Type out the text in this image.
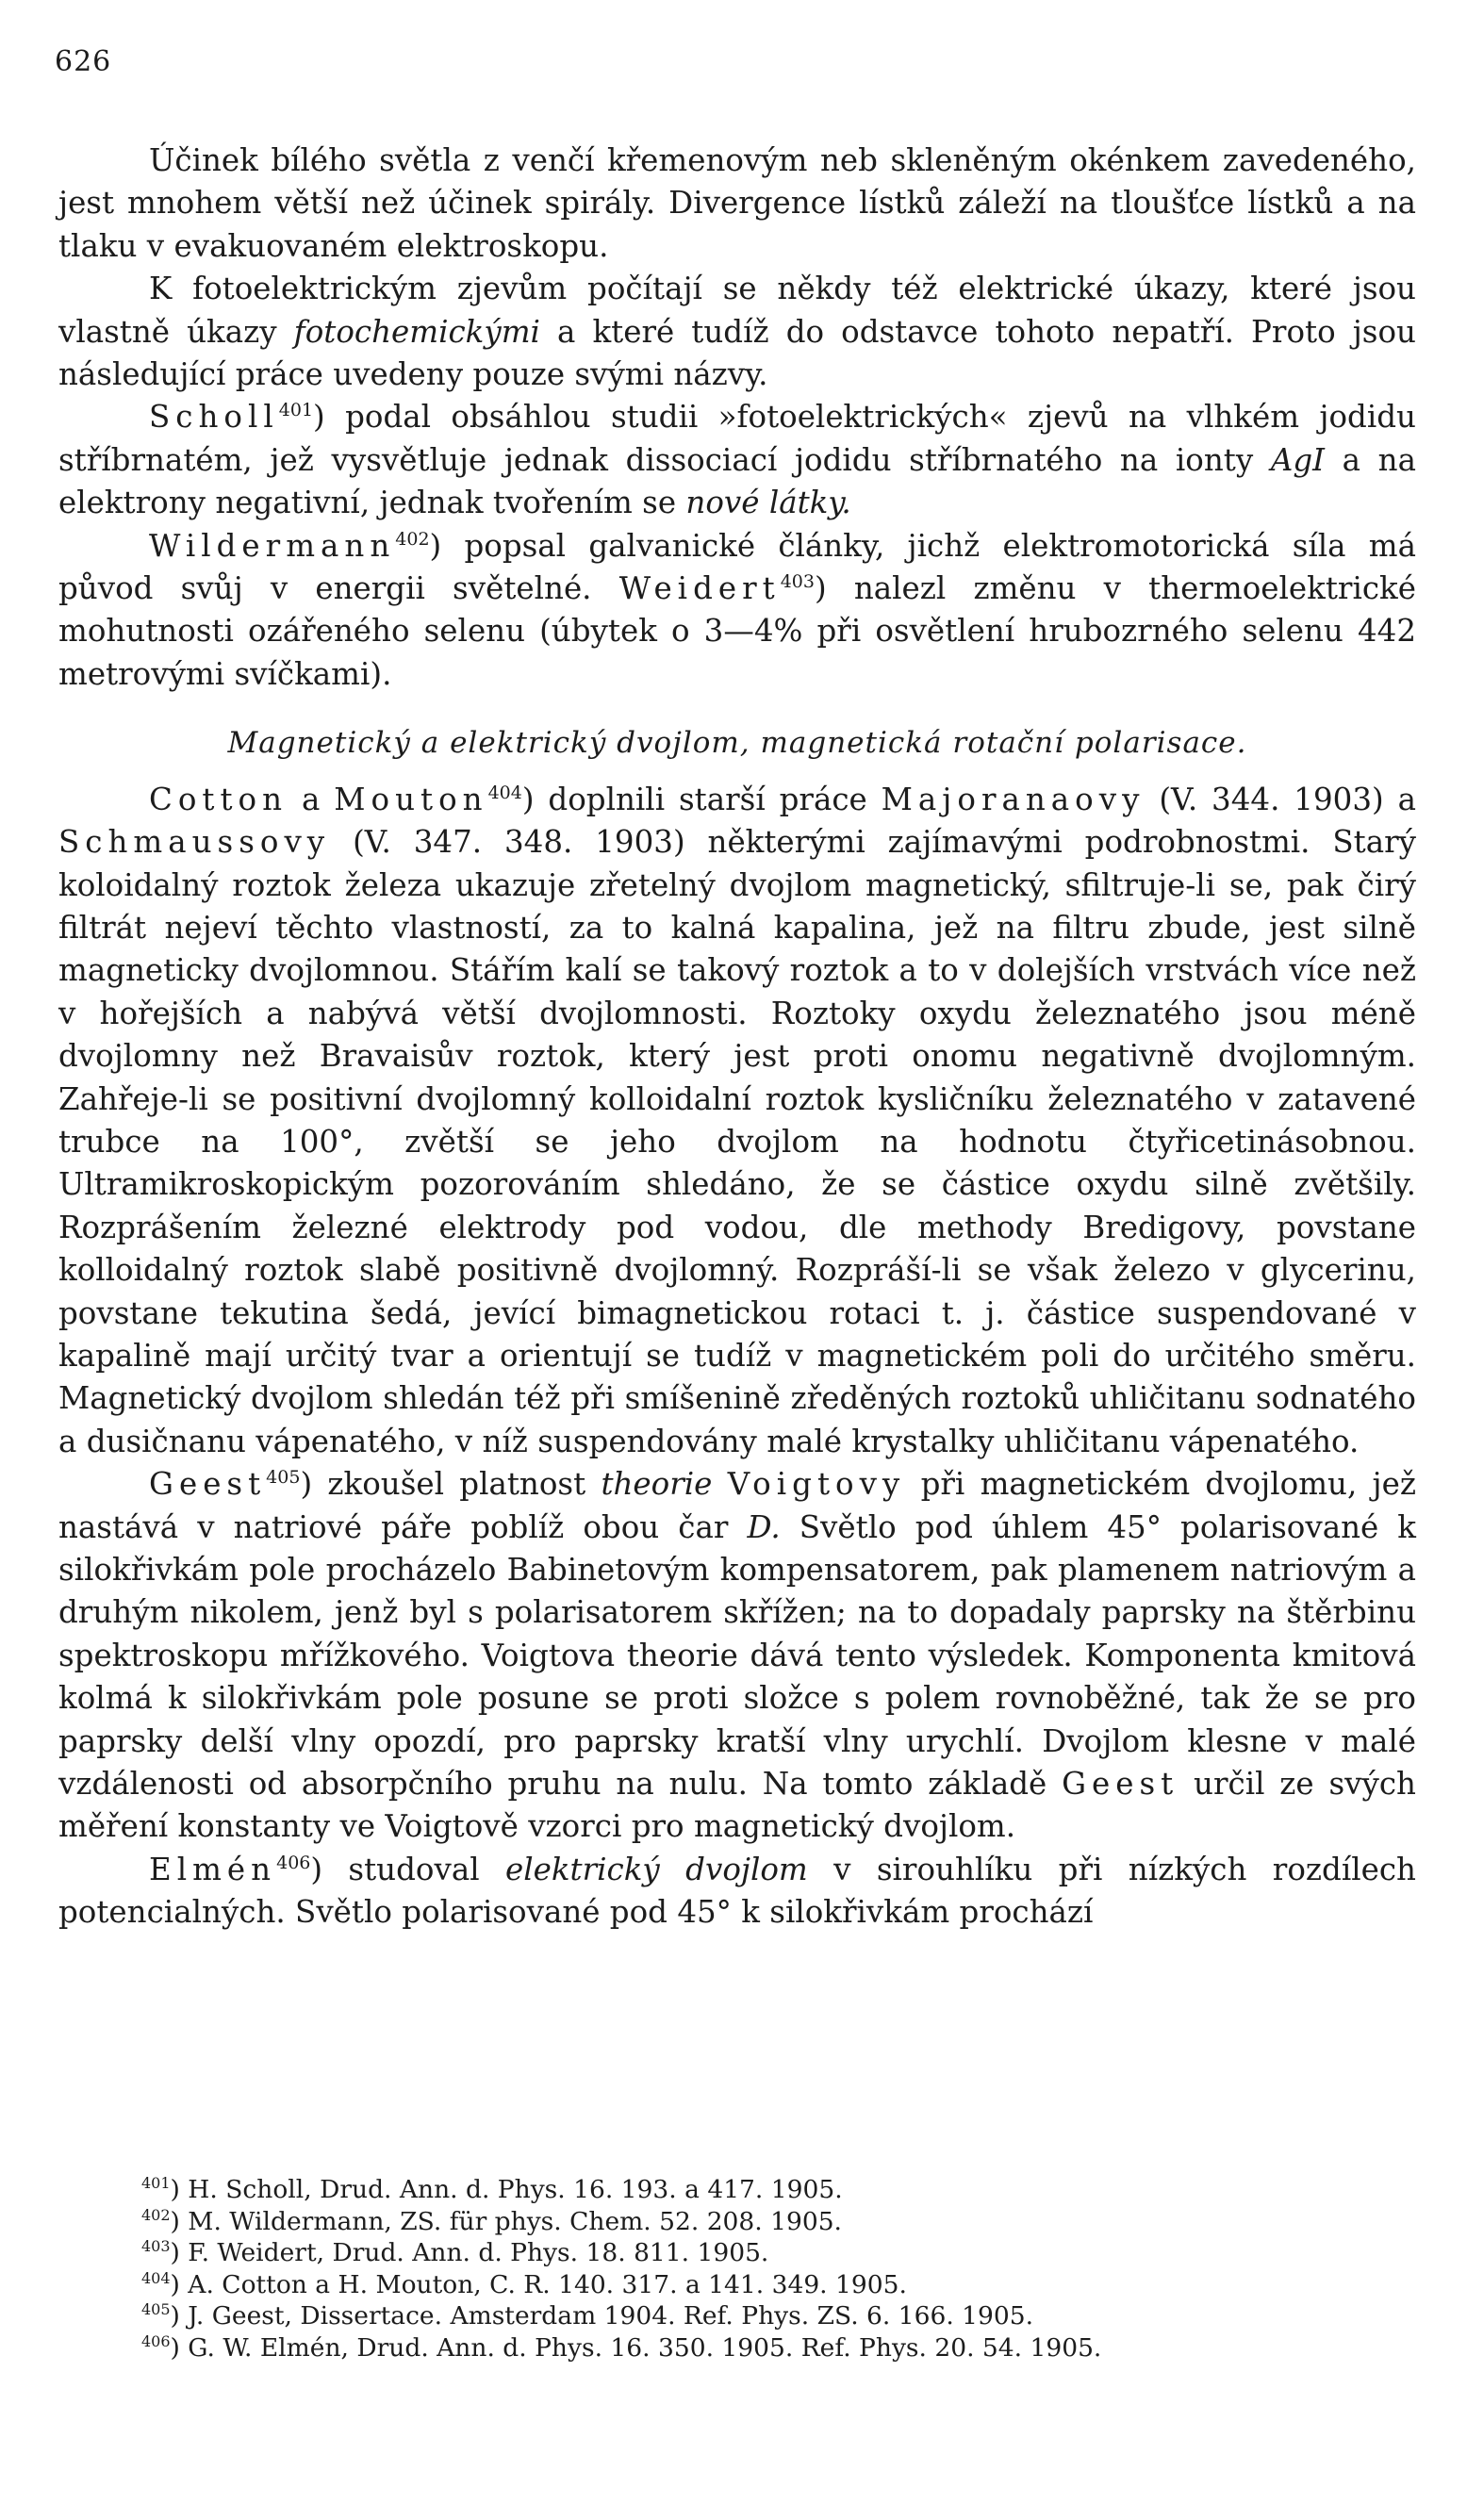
626

Účinek bílého světla z venčí křemenovým neb skleněným okénkem zavedeného, jest mnohem větší než účinek spirály. Divergence lístků záleží na tloušťce lístků a na tlaku v evakuovaném elektroskopu.

K fotoelektrickým zjevům počítají se někdy též elektrické úkazy, které jsou vlastně úkazy fotochemickými a které tudíž do odstavce tohoto nepatří. Proto jsou následující práce uvedeny pouze svými názvy.

Scholl$^{401}$) podal obsáhlou studii »fotoelektrických« zjevů na vlhkém jodidu stříbrnatém, jež vysvětluje jednak dissociací jodidu stříbrnatého na ionty AgI a na elektrony negativní, jednak tvořením se nové látky.

Wildermann$^{402}$) popsal galvanické články, jichž elektromotorická síla má původ svůj v energii světelné. Weidert$^{403}$) nalezl změnu v thermoelektrické mohutnosti ozářeného selenu (úbytek o 3—4% při osvětlení hrubozrného selenu 442 metrovými svíčkami).

Magnetický a elektrický dvojlom, magnetická rotační polarisace.

Cotton a Mouton$^{404}$) doplnili starší práce Majoranaovy (V. 344. 1903) a Schmaussovy (V. 347. 348. 1903) některými zajímavými podrobnostmi. Starý koloidalný roztok železa ukazuje zřetelný dvojlom magnetický, sfiltruje-li se, pak čirý filtrát nejeví těchto vlastností, za to kalná kapalina, jež na filtru zbude, jest silně magneticky dvojlomnou. Stářím kalí se takový roztok a to v dolejších vrstvách více než v hořejších a nabývá větší dvojlomnosti. Roztoky oxydu železnatého jsou méně dvojlomny než Bravaisův roztok, který jest proti onomu negativně dvojlomným. Zahřeje-li se positivní dvojlomný kolloidalní roztok kysličníku železnatého v zatavené trubce na 100°, zvětší se jeho dvojlom na hodnotu čtyřicetinásobnou. Ultramikroskopickým pozorováním shledáno, že se částice oxydu silně zvětšily. Rozprášením železné elektrody pod vodou, dle methody Bredigovy, povstane kolloidalný roztok slabě positivně dvojlomný. Rozpráší-li se však železo v glycerinu, povstane tekutina šedá, jevící bimagnetickou rotaci t. j. částice suspendované v kapalině mají určitý tvar a orientují se tudíž v magnetickém poli do určitého směru. Magnetický dvojlom shledán též při smíšenině zředěných roztoků uhličitanu sodnatého a dusičnanu vápenatého, v níž suspendovány malé krystalky uhličitanu vápenatého.

Geest$^{405}$) zkoušel platnost theorie Voigtovy při magnetickém dvojlomu, jež nastává v natriové páře poblíž obou čar D. Světlo pod úhlem 45° polarisované k silokřivkám pole procházelo Babinetovým kompensatorem, pak plamenem natriovým a druhým nikolem, jenž byl s polarisatorem skřížen; na to dopadaly paprsky na štěrbinu spektroskopu mřížkového. Voigtova theorie dává tento výsledek. Komponenta kmitová kolmá k silokřivkám pole posune se proti složce s polem rovnoběžné, tak že se pro paprsky delší vlny opozdí, pro paprsky kratší vlny urychlí. Dvojlom klesne v malé vzdálenosti od absorpčního pruhu na nulu. Na tomto základě Geest určil ze svých měření konstanty ve Voigtově vzorci pro magnetický dvojlom.

Elmén$^{406}$) studoval elektrický dvojlom v sirouhlíku při nízkých rozdílech potencialných. Světlo polarisované pod 45° k silokřivkám prochází

$^{401}$) H. Scholl, Drud. Ann. d. Phys. 16. 193. a 417. 1905.
$^{402}$) M. Wildermann, ZS. für phys. Chem. 52. 208. 1905.
$^{403}$) F. Weidert, Drud. Ann. d. Phys. 18. 811. 1905.
$^{404}$) A. Cotton a H. Mouton, C. R. 140. 317. a 141. 349. 1905.
$^{405}$) J. Geest, Dissertace. Amsterdam 1904. Ref. Phys. ZS. 6. 166. 1905.
$^{406}$) G. W. Elmén, Drud. Ann. d. Phys. 16. 350. 1905. Ref. Phys. 20. 54. 1905.
